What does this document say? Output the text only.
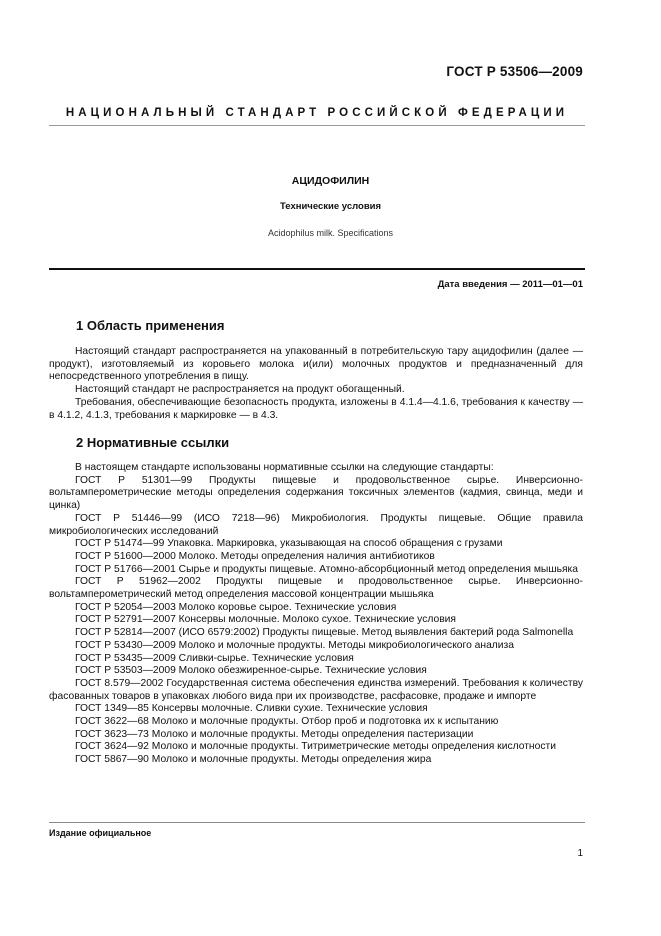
ГОСТ Р 53506—2009
НАЦИОНАЛЬНЫЙ СТАНДАРТ РОССИЙСКОЙ ФЕДЕРАЦИИ
АЦИДОФИЛИН
Технические условия
Acidophilus milk. Specifications
Дата введения — 2011—01—01
1 Область применения

Настоящий стандарт распространяется на упакованный в потребительскую тару ацидофилин (далее — продукт), изготовляемый из коровьего молока и(или) молочных продуктов и предназначенный для непосредственного употребления в пищу.

Настоящий стандарт не распространяется на продукт обогащенный.

Требования, обеспечивающие безопасность продукта, изложены в 4.1.4—4.1.6, требования к качеству — в 4.1.2, 4.1.3, требования к маркировке — в 4.3.

2 Нормативные ссылки

В настоящем стандарте использованы нормативные ссылки на следующие стандарты:

ГОСТ Р 51301—99 Продукты пищевые и продовольственное сырье. Инверсионно-вольтамперометрические методы определения содержания токсичных элементов (кадмия, свинца, меди и цинка)

ГОСТ Р 51446—99 (ИСО 7218—96) Микробиология. Продукты пищевые. Общие правила микробиологических исследований

ГОСТ Р 51474—99 Упаковка. Маркировка, указывающая на способ обращения с грузами

ГОСТ Р 51600—2000 Молоко. Методы определения наличия антибиотиков

ГОСТ Р 51766—2001 Сырье и продукты пищевые. Атомно-абсорбционный метод определения мышьяка

ГОСТ Р 51962—2002 Продукты пищевые и продовольственное сырье. Инверсионно-вольтамперометрический метод определения массовой концентрации мышьяка

ГОСТ Р 52054—2003 Молоко коровье сырое. Технические условия

ГОСТ Р 52791—2007 Консервы молочные. Молоко сухое. Технические условия

ГОСТ Р 52814—2007 (ИСО 6579:2002) Продукты пищевые. Метод выявления бактерий рода Salmonella

ГОСТ Р 53430—2009 Молоко и молочные продукты. Методы микробиологического анализа

ГОСТ Р 53435—2009 Сливки-сырье. Технические условия

ГОСТ Р 53503—2009 Молоко обезжиренное-сырье. Технические условия

ГОСТ 8.579—2002 Государственная система обеспечения единства измерений. Требования к количеству фасованных товаров в упаковках любого вида при их производстве, расфасовке, продаже и импорте

ГОСТ 1349—85 Консервы молочные. Сливки сухие. Технические условия

ГОСТ 3622—68 Молоко и молочные продукты. Отбор проб и подготовка их к испытанию

ГОСТ 3623—73 Молоко и молочные продукты. Методы определения пастеризации

ГОСТ 3624—92 Молоко и молочные продукты. Титриметрические методы определения кислотности

ГОСТ 5867—90 Молоко и молочные продукты. Методы определения жира

Издание официальное
1
